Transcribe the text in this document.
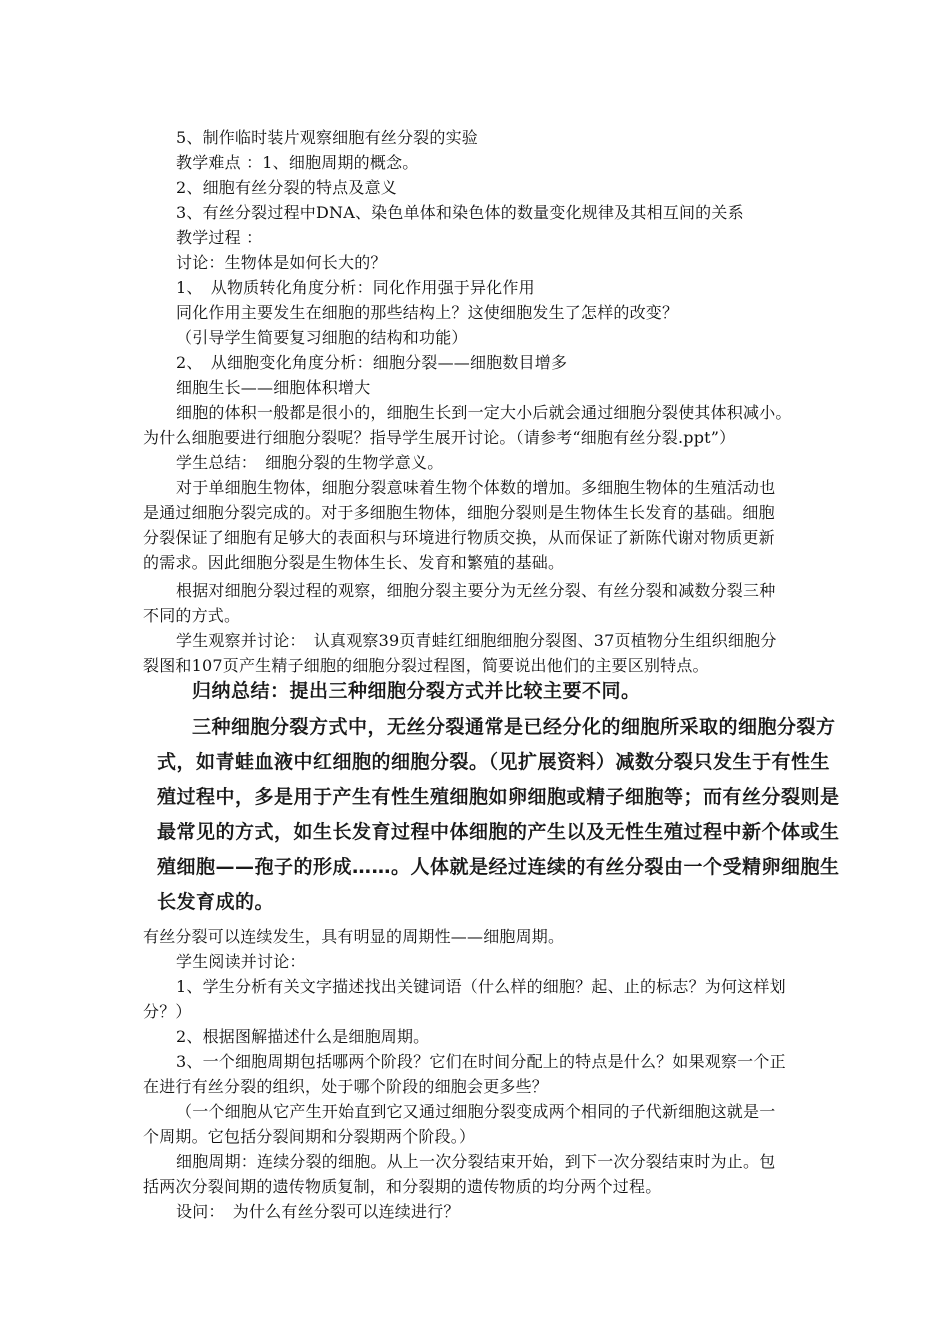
5、制作临时装片观察细胞有丝分裂的实验
教学难点 ：1、细胞周期的概念。
2、细胞有丝分裂的特点及意义
3、有丝分裂过程中DNA、染色单体和染色体的数量变化规律及其相互间的关系
教学过程 ：
讨论：生物体是如何长大的？
1、　从物质转化角度分析：同化作用强于异化作用
同化作用主要发生在细胞的那些结构上？这使细胞发生了怎样的改变？
（引导学生简要复习细胞的结构和功能）
2、　从细胞变化角度分析：细胞分裂——细胞数目增多
细胞生长——细胞体积增大
细胞的体积一般都是很小的，细胞生长到一定大小后就会通过细胞分裂使其体积减小。
为什么细胞要进行细胞分裂呢？指导学生展开讨论。（请参考“细胞有丝分裂.ppt”）
学生总结：　细胞分裂的生物学意义。
对于单细胞生物体，细胞分裂意味着生物个体数的增加。多细胞生物体的生殖活动也
是通过细胞分裂完成的。对于多细胞生物体，细胞分裂则是生物体生长发育的基础。细胞
分裂保证了细胞有足够大的表面积与环境进行物质交换，从而保证了新陈代谢对物质更新
的需求。因此细胞分裂是生物体生长、发育和繁殖的基础。
根据对细胞分裂过程的观察，细胞分裂主要分为无丝分裂、有丝分裂和减数分裂三种
不同的方式。
学生观察并讨论：　认真观察39页青蛙红细胞细胞分裂图、37页植物分生组织细胞分
裂图和107页产生精子细胞的细胞分裂过程图，简要说出他们的主要区别特点。
归纳总结：提出三种细胞分裂方式并比较主要不同。
三种细胞分裂方式中，无丝分裂通常是已经分化的细胞所采取的细胞分裂方
式，如青蛙血液中红细胞的细胞分裂。（见扩展资料）减数分裂只发生于有性生
殖过程中，多是用于产生有性生殖细胞如卵细胞或精子细胞等；而有丝分裂则是
最常见的方式，如生长发育过程中体细胞的产生以及无性生殖过程中新个体或生
殖细胞——孢子的形成……。人体就是经过连续的有丝分裂由一个受精卵细胞生
长发育成的。
有丝分裂可以连续发生，具有明显的周期性——细胞周期。
学生阅读并讨论：
1、学生分析有关文字描述找出关键词语（什么样的细胞？起、止的标志？为何这样划
分？）
2、根据图解描述什么是细胞周期。
3、一个细胞周期包括哪两个阶段？它们在时间分配上的特点是什么？如果观察一个正
在进行有丝分裂的组织，处于哪个阶段的细胞会更多些？
（一个细胞从它产生开始直到它又通过细胞分裂变成两个相同的子代新细胞这就是一
个周期。它包括分裂间期和分裂期两个阶段。）
细胞周期：连续分裂的细胞。从上一次分裂结束开始，到下一次分裂结束时为止。包
括两次分裂间期的遗传物质复制，和分裂期的遗传物质的均分两个过程。
设问：　为什么有丝分裂可以连续进行？
